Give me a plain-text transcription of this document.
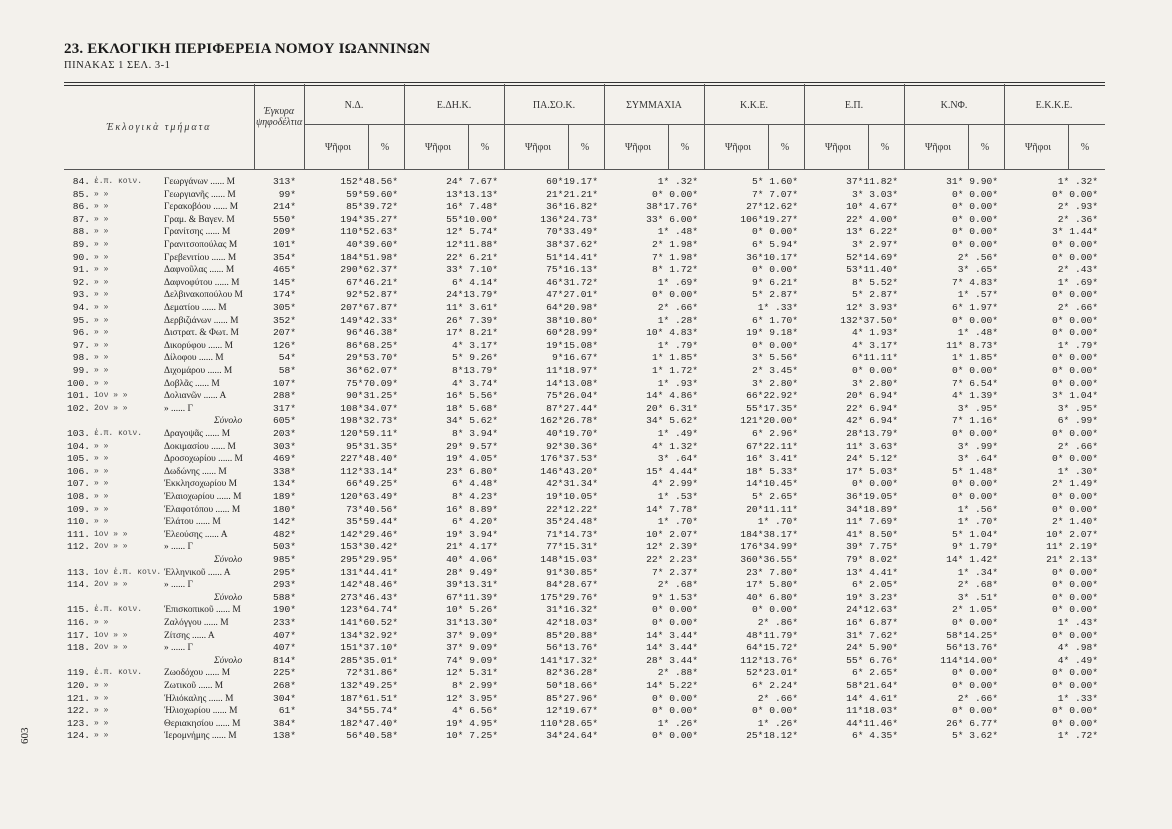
23. ΕΚΛΟΓΙΚΗ ΠΕΡΙΦΕΡΕΙΑ ΝΟΜΟΥ ΙΩΑΝΝΙΝΩΝ
ΠΙΝΑΚΑΣ 1 ΣΕΛ. 3-1
Έκλογικὰ τμήματα
Έγκυρα ψηφοδέλτια
Ν.Δ.
Ψῆφοι	%
Ε.ΔΗ.Κ.
Ψῆφοι	%
ΠΑ.ΣΟ.Κ.
Ψῆφοι	%
ΣΥΜΜΑΧΙΑ
Ψῆφοι	%
Κ.Κ.Ε.
Ψῆφοι	%
Ε.Π.
Ψῆφοι	%
Κ.ΝΦ.
Ψῆφοι	%
Ε.Κ.Κ.Ε.
Ψῆφοι	%
84. ἐ.π. κοιν.	Γεωργάνων ...... Μ	313*	152*48.56*	24* 7.67*	60*19.17*	1* .32*	5* 1.60*	37*11.82*	31* 9.90*	1* .32*
85. » »	Γεωργιανῆς ...... Μ	99*	59*59.60*	13*13.13*	21*21.21*	0* 0.00*	7* 7.07*	3* 3.03*	0* 0.00*	0* 0.00*
86. » »	Γερακοβόου ...... Μ	214*	85*39.72*	16* 7.48*	36*16.82*	38*17.76*	27*12.62*	10* 4.67*	0* 0.00*	2* .93*
87. » »	Γραμ. & Βαγεν. Μ	550*	194*35.27*	55*10.00*	136*24.73*	33* 6.00*	106*19.27*	22* 4.00*	0* 0.00*	2* .36*
88. » »	Γρανίτσης ...... Μ	209*	110*52.63*	12* 5.74*	70*33.49*	1* .48*	0* 0.00*	13* 6.22*	0* 0.00*	3* 1.44*
89. » »	Γρανιτσοπούλας Μ	101*	40*39.60*	12*11.88*	38*37.62*	2* 1.98*	6* 5.94*	3* 2.97*	0* 0.00*	0* 0.00*
90. » »	Γρεβενιτίου ...... Μ	354*	184*51.98*	22* 6.21*	51*14.41*	7* 1.98*	36*10.17*	52*14.69*	2* .56*	0* 0.00*
91. » »	Δαφνοῦλας ...... Μ	465*	290*62.37*	33* 7.10*	75*16.13*	8* 1.72*	0* 0.00*	53*11.40*	3* .65*	2* .43*
92. » »	Δαφνοφύτου ...... Μ	145*	67*46.21*	6* 4.14*	46*31.72*	1* .69*	9* 6.21*	8* 5.52*	7* 4.83*	1* .69*
93. » »	Δελβινακοπούλου Μ	174*	92*52.87*	24*13.79*	47*27.01*	0* 0.00*	5* 2.87*	5* 2.87*	1* .57*	0* 0.00*
94. » »	Δεματίου ...... Μ	305*	207*67.87*	11* 3.61*	64*20.98*	2* .66*	1* .33*	12* 3.93*	6* 1.97*	2* .66*
95. » »	Δερβιζιάνων ...... Μ	352*	149*42.33*	26* 7.39*	38*10.80*	1* .28*	6* 1.70*	132*37.50*	0* 0.00*	0* 0.00*
96. » »	Διστρατ. & Φωτ. Μ	207*	96*46.38*	17* 8.21*	60*28.99*	10* 4.83*	19* 9.18*	4* 1.93*	1* .48*	0* 0.00*
97. » »	Δικορύφου ...... Μ	126*	86*68.25*	4* 3.17*	19*15.08*	1* .79*	0* 0.00*	4* 3.17*	11* 8.73*	1* .79*
98. » »	Δίλοφου ...... Μ	54*	29*53.70*	5* 9.26*	9*16.67*	1* 1.85*	3* 5.56*	6*11.11*	1* 1.85*	0* 0.00*
99. » »	Διχομάρου ...... Μ	58*	36*62.07*	8*13.79*	11*18.97*	1* 1.72*	2* 3.45*	0* 0.00*	0* 0.00*	0* 0.00*
100. » »	Δοβλᾶς ...... Μ	107*	75*70.09*	4* 3.74*	14*13.08*	1* .93*	3* 2.80*	3* 2.80*	7* 6.54*	0* 0.00*
101. 1ον » »	Δολιανῶν ...... Α	288*	90*31.25*	16* 5.56*	75*26.04*	14* 4.86*	66*22.92*	20* 6.94*	4* 1.39*	3* 1.04*
102. 2ον » »	» ...... Γ	317*	108*34.07*	18* 5.68*	87*27.44*	20* 6.31*	55*17.35*	22* 6.94*	3* .95*	3* .95*
Σύνολο	605*	198*32.73*	34* 5.62*	162*26.78*	34* 5.62*	121*20.00*	42* 6.94*	7* 1.16*	6* .99*
103. ἐ.π. κοιν.	Δραγοψᾶς ...... Μ	203*	120*59.11*	8* 3.94*	40*19.70*	1* .49*	6* 2.96*	28*13.79*	0* 0.00*	0* 0.00*
104. » »	Δοκιμασίου ...... Μ	303*	95*31.35*	29* 9.57*	92*30.36*	4* 1.32*	67*22.11*	11* 3.63*	3* .99*	2* .66*
105. » »	Δροσοχωρίου ...... Μ	469*	227*48.40*	19* 4.05*	176*37.53*	3* .64*	16* 3.41*	24* 5.12*	3* .64*	0* 0.00*
106. » »	Δωδώνης ...... Μ	338*	112*33.14*	23* 6.80*	146*43.20*	15* 4.44*	18* 5.33*	17* 5.03*	5* 1.48*	1* .30*
107. » »	Ἐκκλησοχωρίου Μ	134*	66*49.25*	6* 4.48*	42*31.34*	4* 2.99*	14*10.45*	0* 0.00*	0* 0.00*	2* 1.49*
108. » »	Ἐλαιοχωρίου ...... Μ	189*	120*63.49*	8* 4.23*	19*10.05*	1* .53*	5* 2.65*	36*19.05*	0* 0.00*	0* 0.00*
109. » »	Ἐλαφοτόπου ...... Μ	180*	73*40.56*	16* 8.89*	22*12.22*	14* 7.78*	20*11.11*	34*18.89*	1* .56*	0* 0.00*
110. » »	Ἐλάτου ...... Μ	142*	35*59.44*	6* 4.20*	35*24.48*	1* .70*	1* .70*	11* 7.69*	1* .70*	2* 1.40*
111. 1ον » »	Ἐλεούσης ...... Α	482*	142*29.46*	19* 3.94*	71*14.73*	10* 2.07*	184*38.17*	41* 8.50*	5* 1.04*	10* 2.07*
112. 2ον » »	» ...... Γ	503*	153*30.42*	21* 4.17*	77*15.31*	12* 2.39*	176*34.99*	39* 7.75*	9* 1.79*	11* 2.19*
Σύνολο	985*	295*29.95*	40* 4.06*	148*15.03*	22* 2.23*	360*36.55*	79* 8.02*	14* 1.42*	21* 2.13*
113. 1ον ἐ.π. κοιν. Ἐλληνικοῦ ...... Α	295*	131*44.41*	28* 9.49*	91*30.85*	7* 2.37*	23* 7.80*	13* 4.41*	1* .34*	0* 0.00*
114. 2ον » »	» ...... Γ	293*	142*48.46*	39*13.31*	84*28.67*	2* .68*	17* 5.80*	6* 2.05*	2* .68*	0* 0.00*
Σύνολο	588*	273*46.43*	67*11.39*	175*29.76*	9* 1.53*	40* 6.80*	19* 3.23*	3* .51*	0* 0.00*
115. ἐ.π. κοιν.	Ἐπισκοπικοῦ ...... Μ	190*	123*64.74*	10* 5.26*	31*16.32*	0* 0.00*	0* 0.00*	24*12.63*	2* 1.05*	0* 0.00*
116. » »	Ζαλόγγου ...... Μ	233*	141*60.52*	31*13.30*	42*18.03*	0* 0.00*	2* .86*	16* 6.87*	0* 0.00*	1* .43*
117. 1ον » »	Ζίτσης ...... Α	407*	134*32.92*	37* 9.09*	85*20.88*	14* 3.44*	48*11.79*	31* 7.62*	58*14.25*	0* 0.00*
118. 2ον » »	» ...... Γ	407*	151*37.10*	37* 9.09*	56*13.76*	14* 3.44*	64*15.72*	24* 5.90*	56*13.76*	4* .98*
Σύνολο	814*	285*35.01*	74* 9.09*	141*17.32*	28* 3.44*	112*13.76*	55* 6.76*	114*14.00*	4* .49*
119. ἐ.π. κοιν.	Ζωοδόχου ...... Μ	225*	72*31.86*	12* 5.31*	82*36.28*	2* .88*	52*23.01*	6* 2.65*	0* 0.00*	0* 0.00*
120. » »	Ζωτικοῦ ...... Μ	268*	132*49.25*	8* 2.99*	50*18.66*	14* 5.22*	6* 2.24*	58*21.64*	0* 0.00*	0* 0.00*
121. » »	Ἡλιόκαλης ...... Μ	304*	187*61.51*	12* 3.95*	85*27.96*	0* 0.00*	2* .66*	14* 4.61*	2* .66*	1* .33*
122. » »	Ἡλιοχωρίου ...... Μ	61*	34*55.74*	4* 6.56*	12*19.67*	0* 0.00*	0* 0.00*	11*18.03*	0* 0.00*	0* 0.00*
123. » »	Θεριακησίου ...... Μ	384*	182*47.40*	19* 4.95*	110*28.65*	1* .26*	1* .26*	44*11.46*	26* 6.77*	0* 0.00*
124. » »	Ἱερομνήμης ...... Μ	138*	56*40.58*	10* 7.25*	34*24.64*	0* 0.00*	25*18.12*	6* 4.35*	5* 3.62*	1* .72*
603
